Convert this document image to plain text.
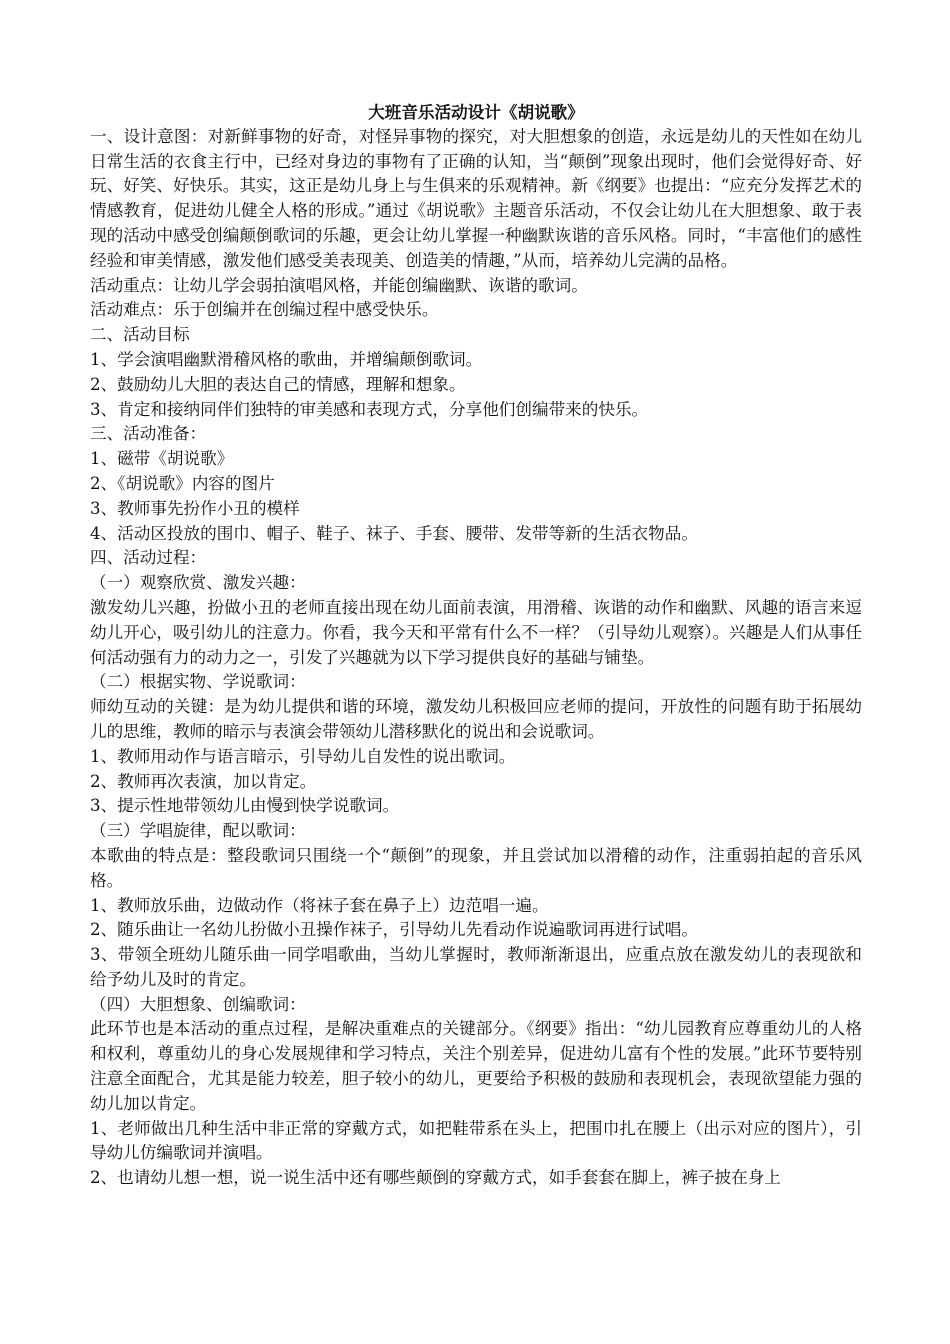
大班音乐活动设计《胡说歌》

一、设计意图：对新鲜事物的好奇，对怪异事物的探究，对大胆想象的创造，永远是幼儿的天性如在幼儿日常生活的衣食主行中，已经对身边的事物有了正确的认知，当“颠倒”现象出现时，他们会觉得好奇、好玩、好笑、好快乐。其实，这正是幼儿身上与生俱来的乐观精神。新《纲要》也提出：“应充分发挥艺术的情感教育，促进幼儿健全人格的形成。”通过《胡说歌》主题音乐活动，不仅会让幼儿在大胆想象、敢于表现的活动中感受创编颠倒歌词的乐趣，更会让幼儿掌握一种幽默诙谐的音乐风格。同时，“丰富他们的感性经验和审美情感，激发他们感受美表现美、创造美的情趣，”从而，培养幼儿完满的品格。

活动重点：让幼儿学会弱拍演唱风格，并能创编幽默、诙谐的歌词。

活动难点：乐于创编并在创编过程中感受快乐。

二、活动目标

1、学会演唱幽默滑稽风格的歌曲，并增编颠倒歌词。

2、鼓励幼儿大胆的表达自己的情感，理解和想象。

3、肯定和接纳同伴们独特的审美感和表现方式，分享他们创编带来的快乐。

三、活动准备：

1、磁带《胡说歌》

2、《胡说歌》内容的图片

3、教师事先扮作小丑的模样

4、活动区投放的围巾、帽子、鞋子、袜子、手套、腰带、发带等新的生活衣物品。

四、活动过程：

（一）观察欣赏、激发兴趣：

激发幼儿兴趣，扮做小丑的老师直接出现在幼儿面前表演，用滑稽、诙谐的动作和幽默、风趣的语言来逗幼儿开心，吸引幼儿的注意力。你看，我今天和平常有什么不一样？（引导幼儿观察）。兴趣是人们从事任何活动强有力的动力之一，引发了兴趣就为以下学习提供良好的基础与铺垫。

（二）根据实物、学说歌词：

师幼互动的关键：是为幼儿提供和谐的环境，激发幼儿积极回应老师的提问，开放性的问题有助于拓展幼儿的思维，教师的暗示与表演会带领幼儿潜移默化的说出和会说歌词。

1、教师用动作与语言暗示，引导幼儿自发性的说出歌词。

2、教师再次表演，加以肯定。

3、提示性地带领幼儿由慢到快学说歌词。

（三）学唱旋律，配以歌词：

本歌曲的特点是：整段歌词只围绕一个“颠倒”的现象，并且尝试加以滑稽的动作，注重弱拍起的音乐风格。

1、教师放乐曲，边做动作（将袜子套在鼻子上）边范唱一遍。

2、随乐曲让一名幼儿扮做小丑操作袜子，引导幼儿先看动作说遍歌词再进行试唱。

3、带领全班幼儿随乐曲一同学唱歌曲，当幼儿掌握时，教师渐渐退出，应重点放在激发幼儿的表现欲和给予幼儿及时的肯定。

（四）大胆想象、创编歌词：

此环节也是本活动的重点过程，是解决重难点的关键部分。《纲要》指出：“幼儿园教育应尊重幼儿的人格和权利，尊重幼儿的身心发展规律和学习特点，关注个别差异，促进幼儿富有个性的发展。”此环节要特别注意全面配合，尤其是能力较差，胆子较小的幼儿，更要给予积极的鼓励和表现机会，表现欲望能力强的幼儿加以肯定。

1、老师做出几种生活中非正常的穿戴方式，如把鞋带系在头上，把围巾扎在腰上（出示对应的图片），引导幼儿仿编歌词并演唱。

2、也请幼儿想一想，说一说生活中还有哪些颠倒的穿戴方式，如手套套在脚上，裤子披在身上
